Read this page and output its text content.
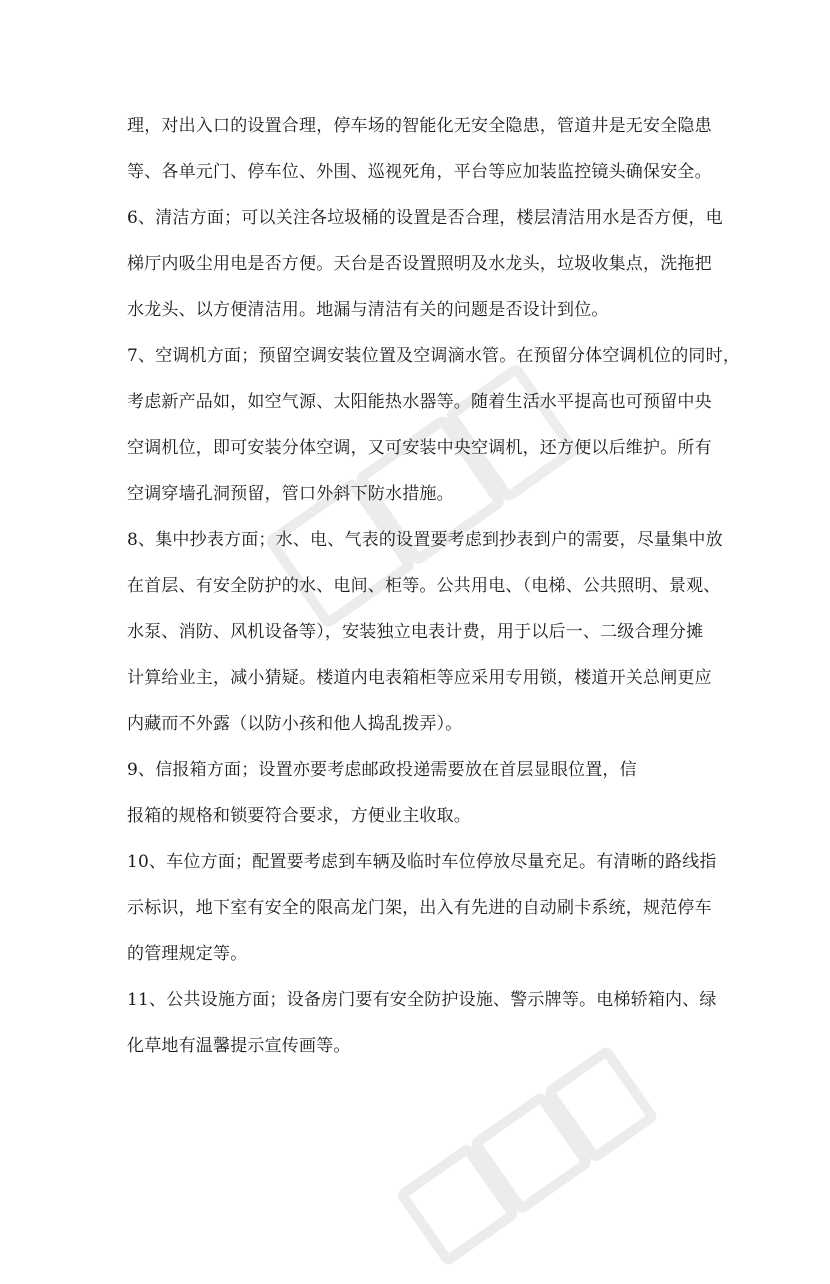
理，对出入口的设置合理，停车场的智能化无安全隐患，管道井是无安全隐患
等、各单元门、停车位、外围、巡视死角，平台等应加装监控镜头确保安全。
6、清洁方面；可以关注各垃圾桶的设置是否合理，楼层清洁用水是否方便，电
梯厅内吸尘用电是否方便。天台是否设置照明及水龙头，垃圾收集点，洗拖把
水龙头、以方便清洁用。地漏与清洁有关的问题是否设计到位。
7、空调机方面；预留空调安装位置及空调滴水管。在预留分体空调机位的同时，
考虑新产品如，如空气源、太阳能热水器等。随着生活水平提高也可预留中央
空调机位，即可安装分体空调，又可安装中央空调机，还方便以后维护。所有
空调穿墙孔洞预留，管口外斜下防水措施。
8、集中抄表方面；水、电、气表的设置要考虑到抄表到户的需要，尽量集中放
在首层、有安全防护的水、电间、柜等。公共用电、（电梯、公共照明、景观、
水泵、消防、风机设备等），安装独立电表计费，用于以后一、二级合理分摊
计算给业主，减小猜疑。楼道内电表箱柜等应采用专用锁，楼道开关总闸更应
内藏而不外露（以防小孩和他人捣乱拨弄）。
9、信报箱方面；设置亦要考虑邮政投递需要放在首层显眼位置，信
报箱的规格和锁要符合要求，方便业主收取。
10、车位方面；配置要考虑到车辆及临时车位停放尽量充足。有清晰的路线指
示标识，地下室有安全的限高龙门架，出入有先进的自动刷卡系统，规范停车
的管理规定等。
11、公共设施方面；设备房门要有安全防护设施、警示牌等。电梯轿箱内、绿
化草地有温馨提示宣传画等。
